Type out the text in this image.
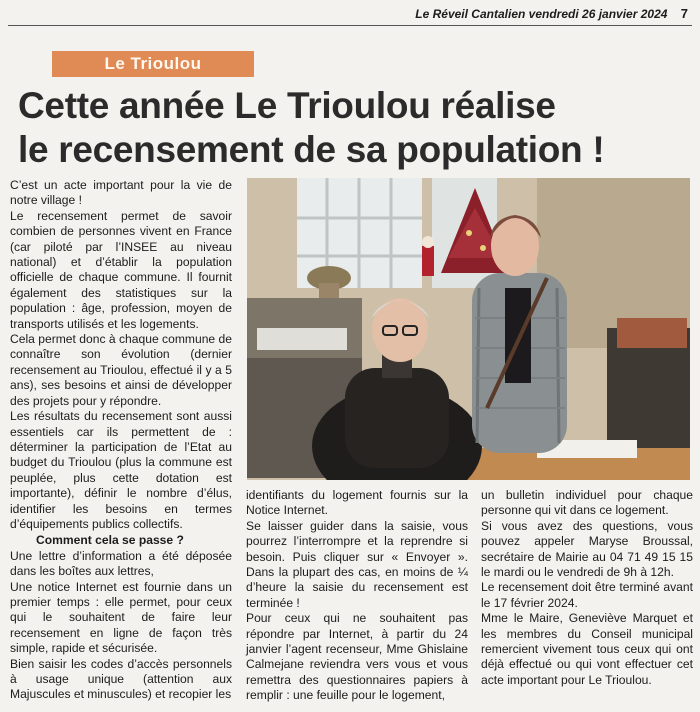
Le Réveil Cantalien vendredi 26 janvier 2024 7
Le Trioulou
Cette année Le Trioulou réalise
le recensement de sa population !

C’est un acte important pour la vie de notre village !

Le recensement permet de savoir combien de personnes vivent en France (car piloté par l’INSEE au niveau national) et d’établir la population officielle de chaque commune. Il fournit également des statistiques sur la population : âge, profession, moyen de transports utilisés et les logements.

Cela permet donc à chaque commune de connaître son évolution (dernier recensement au Trioulou, effectué il y a 5 ans), ses besoins et ainsi de développer des projets pour y répondre.

Les résultats du recensement sont aussi essentiels car ils permettent de : déterminer la participation de l’Etat au budget du Trioulou (plus la commune est peuplée, plus cette dotation est importante), définir le nombre d’élus, identifier les besoins en termes d’équipements publics collectifs.

Comment cela se passe ?

Une lettre d’information a été déposée dans les boîtes aux lettres,

Une notice Internet est fournie dans un premier temps : elle permet, pour ceux qui le souhaitent de faire leur recensement en ligne de façon très simple, rapide et sécurisée.

Bien saisir les codes d’accès personnels à usage unique (attention aux Majuscules et minuscules) et recopier les

identifiants du logement fournis sur la Notice Internet.

Se laisser guider dans la saisie, vous pourrez l’interrompre et la reprendre si besoin. Puis cliquer sur « Envoyer ». Dans la plupart des cas, en moins de ¼ d’heure la saisie du recensement est terminée !

Pour ceux qui ne souhaitent pas répondre par Internet, à partir du 24 janvier l’agent recenseur, Mme Ghislaine Calmejane reviendra vers vous et vous remettra des questionnaires papiers à remplir : une feuille pour le logement,

un bulletin individuel pour chaque personne qui vit dans ce logement.

Si vous avez des questions, vous pouvez appeler Maryse Broussal, secrétaire de Mairie au 04 71 49 15 15 le mardi ou le vendredi de 9h à 12h.

Le recensement doit être terminé avant le 17 février 2024.

Mme le Maire, Geneviève Marquet et les membres du Conseil municipal remercient vivement tous ceux qui ont déjà effectué ou qui vont effectuer cet acte important pour Le Trioulou.
